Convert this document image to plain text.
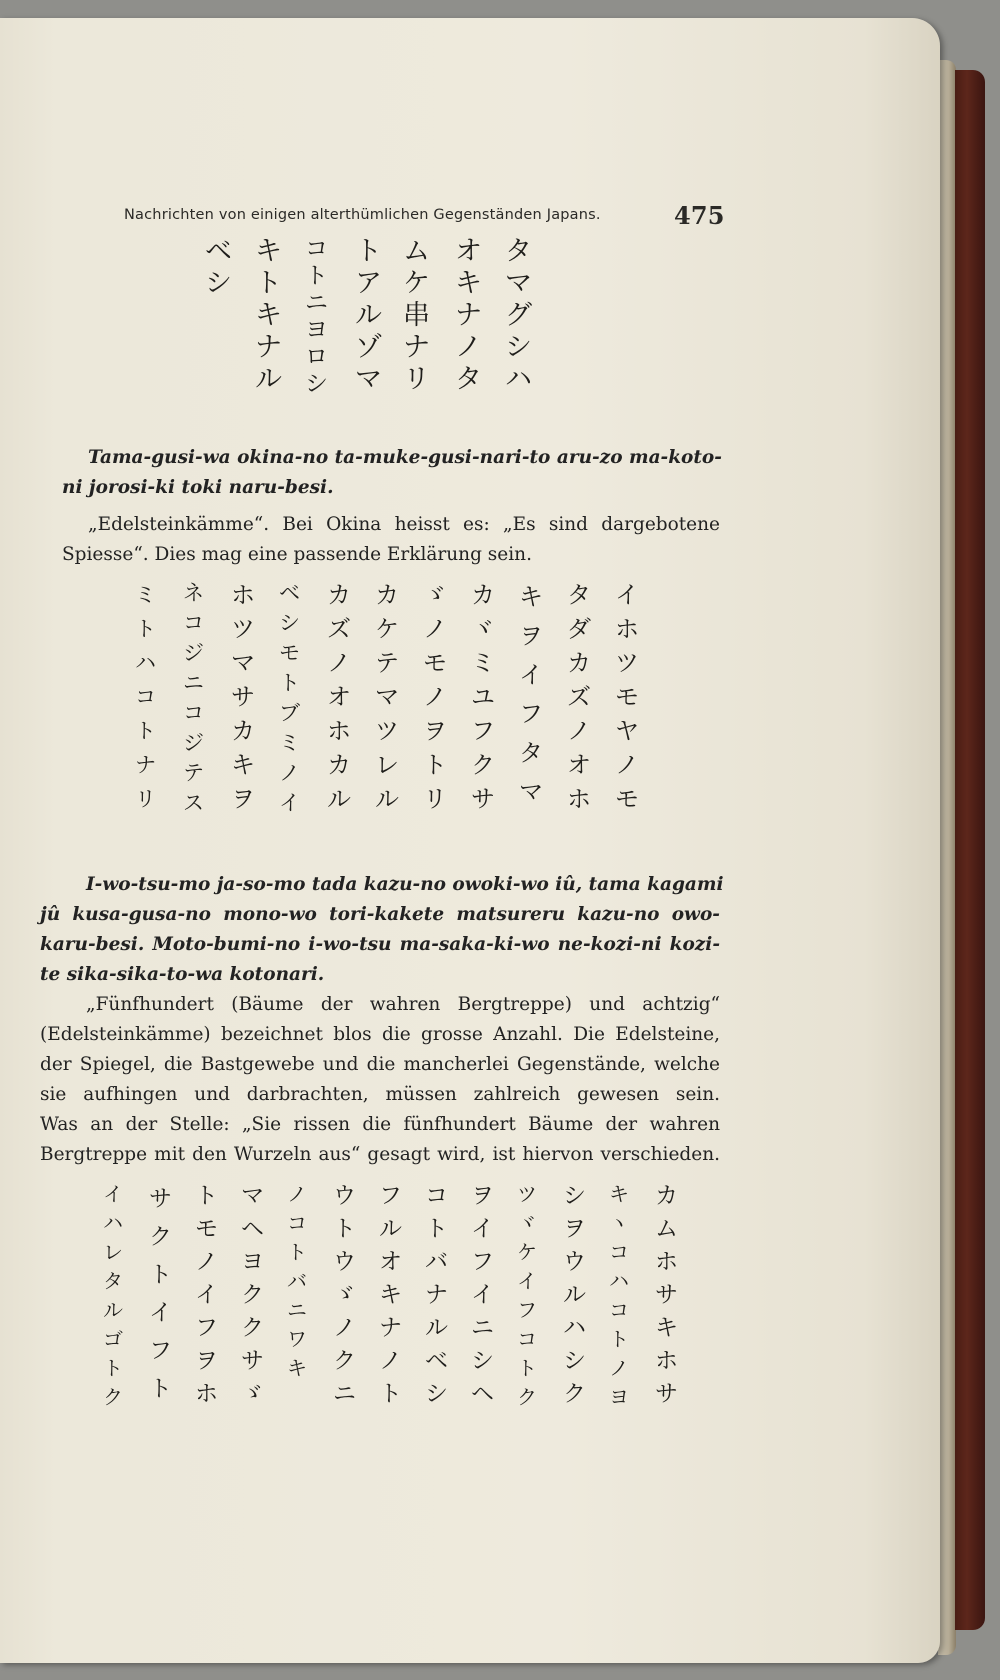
Nachrichten von einigen alterthümlichen Gegenständen Japans.	475
タ
マ
グ
シ
ハ
オ
キ
ナ
ノ
タ
ム
ケ
串
ナ
リ
ト
ア
ル
ゾ
マ
コ
ト
ニ
ヨ
ロ
シ
キ
ト
キ
ナ
ル
ベ
シ
Tama-gusi-wa okina-no ta-muke-gusi-nari-to aru-zo ma-koto-
ni jorosi-ki toki naru-besi.
„Edelsteinkämme“. Bei Okina heisst es: „Es sind dargebotene
Spiesse“. Dies mag eine passende Erklärung sein.
イ
ホ
ツ
モ
ヤ
ノ
モ
タ
ダ
カ
ズ
ノ
オ
ホ
キ
ヲ
イ
フ
タ
マ
カ
ヾ
ミ
ユ
フ
ク
サ
ゞ
ノ
モ
ノ
ヲ
ト
リ
カ
ケ
テ
マ
ツ
レ
ル
カ
ズ
ノ
オ
ホ
カ
ル
ベ
シ
モ
ト
ブ
ミ
ノ
イ
ホ
ツ
マ
サ
カ
キ
ヲ
ネ
コ
ジ
ニ
コ
ジ
テ
ス
ミ
ト
ハ
コ
ト
ナ
リ
I-wo-tsu-mo ja-so-mo tada kazu-no owoki-wo iû, tama kagami
jû kusa-gusa-no mono-wo tori-kakete matsureru kazu-no owo-
karu-besi. Moto-bumi-no i-wo-tsu ma-saka-ki-wo ne-kozi-ni kozi-
te sika-sika-to-wa kotonari.
„Fünfhundert (Bäume der wahren Bergtreppe) und achtzig“
(Edelsteinkämme) bezeichnet blos die grosse Anzahl. Die Edelsteine,
der Spiegel, die Bastgewebe und die mancherlei Gegenstände, welche
sie aufhingen und darbrachten, müssen zahlreich gewesen sein.
Was an der Stelle: „Sie rissen die fünfhundert Bäume der wahren
Bergtreppe mit den Wurzeln aus“ gesagt wird, ist hiervon verschieden.
カ
ム
ホ
サ
キ
ホ
サ
キ
ヽ
コ
ハ
コ
ト
ノ
ヨ
シ
ヲ
ウ
ル
ハ
シ
ク
ツ
ヾ
ケ
イ
フ
コ
ト
ク
ヲ
イ
フ
イ
ニ
シ
ヘ
コ
ト
バ
ナ
ル
ベ
シ
フ
ル
オ
キ
ナ
ノ
ト
ウ
ト
ウ
ゞ
ノ
ク
ニ
ノ
コ
ト
バ
ニ
ワ
キ
マ
ヘ
ヨ
ク
ク
サ
ゞ
ト
モ
ノ
イ
フ
ヲ
ホ
サ
ク
ト
イ
フ
ト
イ
ハ
レ
タ
ル
ゴ
ト
ク
